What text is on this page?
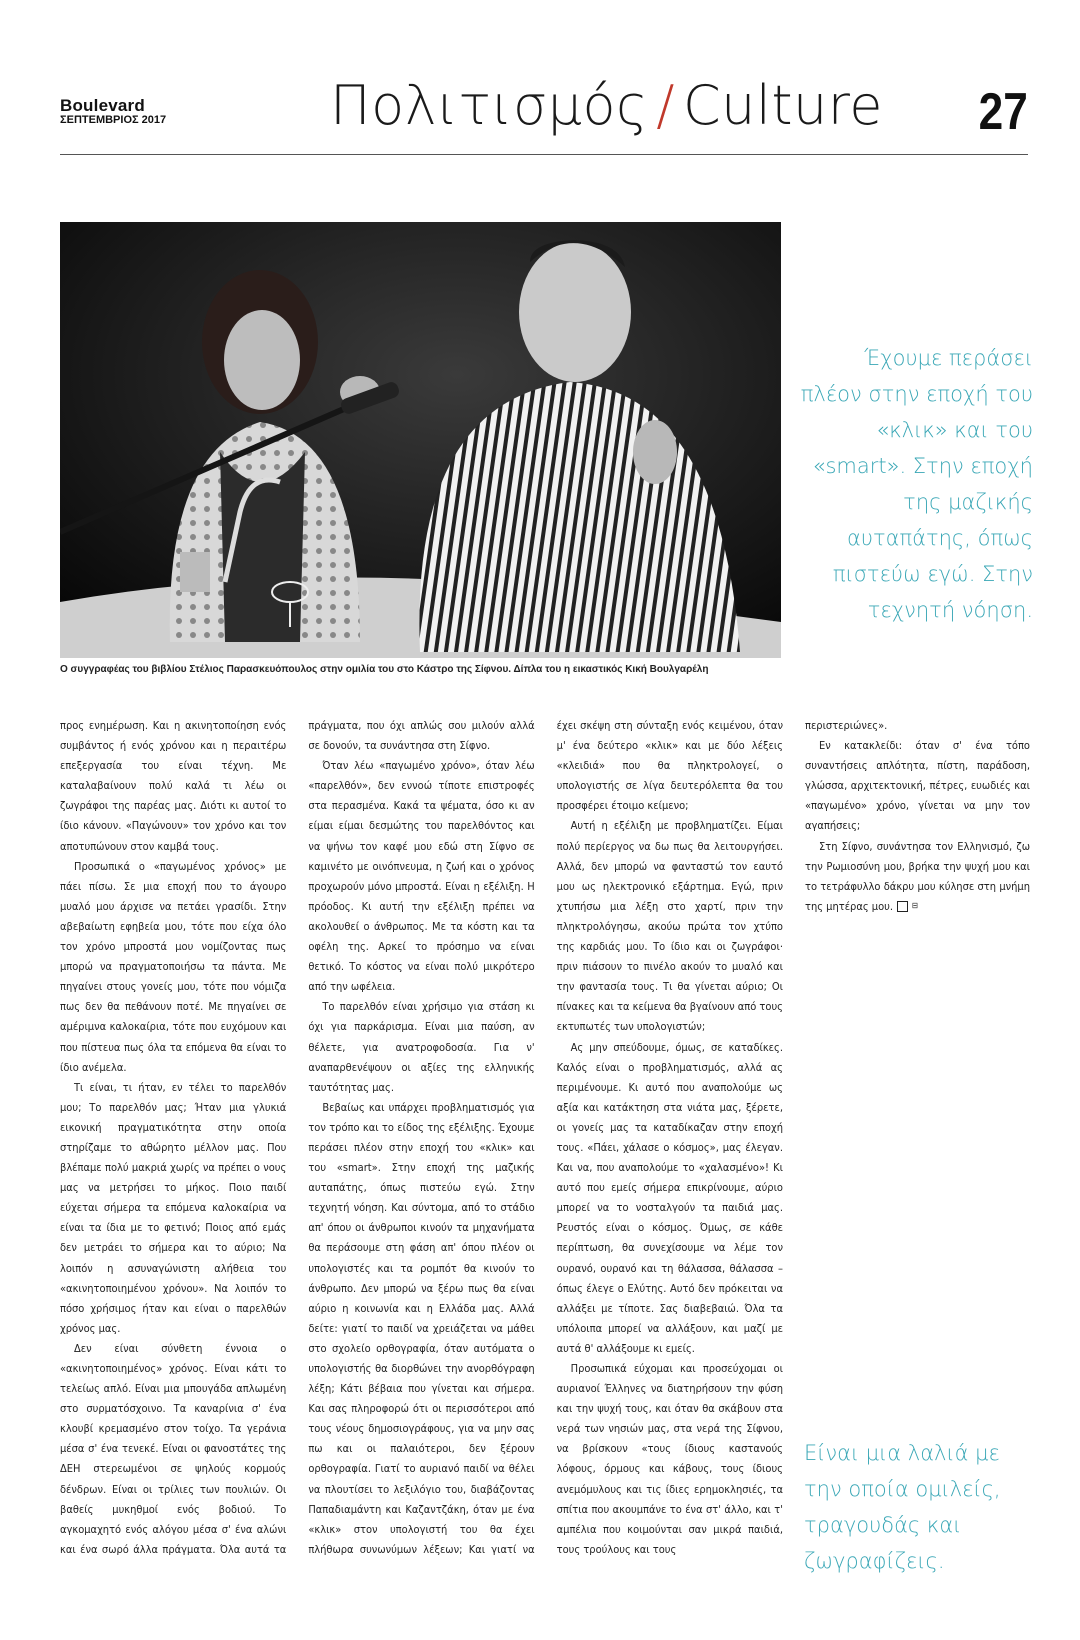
Boulevard
ΣΕΠΤΕΜΒΡΙΟΣ 2017	Πολιτισμός / Culture 27
Ο συγγραφέας του βιβλίου Στέλιος Παρασκευόπουλος στην ομιλία του στο Κάστρο της Σίφνου. Δίπλα του η εικαστικός Κική Βουλγαρέλη
Έχουμε περάσει πλέον στην εποχή του «κλικ» και του «smart». Στην εποχή της μαζικής αυταπάτης, όπως πιστεύω εγώ. Στην τεχνητή νόηση.
Είναι μια λαλιά με την οποία ομιλείς, τραγουδάς και ζωγραφίζεις.

προς ενημέρωση. Και η ακινητοποίηση ενός συμβάντος ή ενός χρόνου και η περαιτέρω επεξεργασία του είναι τέχνη. Με καταλαβαίνουν πολύ καλά τι λέω οι ζωγράφοι της παρέας μας. Διότι κι αυτοί το ίδιο κάνουν. «Παγώνουν» τον χρόνο και τον αποτυπώνουν στον καμβά τους.

Προσωπικά ο «παγωμένος χρόνος» με πάει πίσω. Σε μια εποχή που το άγουρο μυαλό μου άρχισε να πετάει γρασίδι. Στην αβεβαίωτη εφηβεία μου, τότε που είχα όλο τον χρόνο μπροστά μου νομίζοντας πως μπορώ να πραγματοποιήσω τα πάντα. Με πηγαίνει στους γονείς μου, τότε που νόμιζα πως δεν θα πεθάνουν ποτέ. Με πηγαίνει σε αμέριμνα καλοκαίρια, τότε που ευχόμουν και που πίστευα πως όλα τα επόμενα θα είναι το ίδιο ανέμελα.

Τι είναι, τι ήταν, εν τέλει το παρελθόν μου; Το παρελθόν μας; Ήταν μια γλυκιά εικονική πραγματικότητα στην οποία στηρίζαμε το αθώρητο μέλλον μας. Που βλέπαμε πολύ μακριά χωρίς να πρέπει ο νους μας να μετρήσει το μήκος. Ποιο παιδί εύχεται σήμερα τα επόμενα καλοκαίρια να είναι τα ίδια με το φετινό; Ποιος από εμάς δεν μετράει το σήμερα και το αύριο; Να λοιπόν η ασυναγώνιστη αλήθεια του «ακινητοποιημένου χρόνου». Να λοιπόν το πόσο χρήσιμος ήταν και είναι ο παρελθών χρόνος μας.

Δεν είναι σύνθετη έννοια ο «ακινητοποιημένος» χρόνος. Είναι κάτι το τελείως απλό. Είναι μια μπουγάδα απλωμένη στο συρματόσχοινο. Τα καναρίνια σ' ένα κλουβί κρεμασμένο στον τοίχο. Τα γεράνια μέσα σ' ένα τενεκέ. Είναι οι φανοστάτες της ΔΕΗ στερεωμένοι σε ψηλούς κορμούς δένδρων. Είναι οι τρίλιες των πουλιών. Οι βαθείς μυκηθμοί ενός βοδιού. Το αγκομαχητό ενός αλόγου μέσα σ' ένα αλώνι και ένα σωρό άλλα πράγματα. Όλα αυτά τα πράγματα, που όχι απλώς σου μιλούν αλλά σε δονούν, τα συνάντησα στη Σίφνο.

Όταν λέω «παγωμένο χρόνο», όταν λέω «παρελθόν», δεν εννοώ τίποτε επιστροφές στα περασμένα. Κακά τα ψέματα, όσο κι αν είμαι είμαι δεσμώτης του παρελθόντος και να ψήνω τον καφέ μου εδώ στη Σίφνο σε καμινέτο με οινόπνευμα, η ζωή και ο χρόνος προχωρούν μόνο μπροστά. Είναι η εξέλιξη. Η πρόοδος. Κι αυτή την εξέλιξη πρέπει να ακολουθεί ο άνθρωπος. Με τα κόστη και τα οφέλη της. Αρκεί το πρόσημο να είναι θετικό. Το κόστος να είναι πολύ μικρότερο από την ωφέλεια.

Το παρελθόν είναι χρήσιμο για στάση κι όχι για παρκάρισμα. Είναι μια παύση, αν θέλετε, για ανατροφοδοσία. Για ν' αναπαρθενέψουν οι αξίες της ελληνικής ταυτότητας μας.

Βεβαίως και υπάρχει προβληματισμός για τον τρόπο και το είδος της εξέλιξης. Έχουμε περάσει πλέον στην εποχή του «κλικ» και του «smart». Στην εποχή της μαζικής αυταπάτης, όπως πιστεύω εγώ. Στην τεχνητή νόηση. Και σύντομα, από το στάδιο απ' όπου οι άνθρωποι κινούν τα μηχανήματα θα περάσουμε στη φάση απ' όπου πλέον οι υπολογιστές και τα ρομπότ θα κινούν το άνθρωπο. Δεν μπορώ να ξέρω πως θα είναι αύριο η κοινωνία και η Ελλάδα μας. Αλλά δείτε: γιατί το παιδί να χρειάζεται να μάθει στο σχολείο ορθογραφία, όταν αυτόματα ο υπολογιστής θα διορθώνει την ανορθόγραφη λέξη; Κάτι βέβαια που γίνεται και σήμερα. Και σας πληροφορώ ότι οι περισσότεροι από τους νέους δημοσιογράφους, για να μην σας πω και οι παλαιότεροι, δεν ξέρουν ορθογραφία. Γιατί το αυριανό παιδί να θέλει να πλουτίσει το λεξιλόγιο του, διαβάζοντας Παπαδιαμάντη και Καζαντζάκη, όταν με ένα «κλικ» στον υπολογιστή του θα έχει πλήθωρα συνωνύμων λέξεων; Και γιατί να έχει σκέψη στη σύνταξη ενός κειμένου, όταν μ' ένα δεύτερο «κλικ» και με δύο λέξεις «κλειδιά» που θα πληκτρολογεί, ο υπολογιστής σε λίγα δευτερόλεπτα θα του προσφέρει έτοιμο κείμενο;

Αυτή η εξέλιξη με προβληματίζει. Είμαι πολύ περίεργος να δω πως θα λειτουργήσει. Αλλά, δεν μπορώ να φανταστώ τον εαυτό μου ως ηλεκτρονικό εξάρτημα. Εγώ, πριν χτυπήσω μια λέξη στο χαρτί, πριν την πληκτρολόγησω, ακούω πρώτα τον χτύπο της καρδιάς μου. Το ίδιο και οι ζωγράφοι· πριν πιάσουν το πινέλο ακούν το μυαλό και την φαντασία τους. Τι θα γίνεται αύριο; Οι πίνακες και τα κείμενα θα βγαίνουν από τους εκτυπωτές των υπολογιστών;

Ας μην σπεύδουμε, όμως, σε καταδίκες. Καλός είναι ο προβληματισμός, αλλά ας περιμένουμε. Κι αυτό που αναπολούμε ως αξία και κατάκτηση στα νιάτα μας, ξέρετε, οι γονείς μας τα καταδίκαζαν στην εποχή τους. «Πάει, χάλασε ο κόσμος», μας έλεγαν. Και να, που αναπολούμε το «χαλασμένο»! Κι αυτό που εμείς σήμερα επικρίνουμε, αύριο μπορεί να το νοσταλγούν τα παιδιά μας. Ρευστός είναι ο κόσμος. Όμως, σε κάθε περίπτωση, θα συνεχίσουμε να λέμε τον ουρανό, ουρανό και τη θάλασσα, θάλασσα –όπως έλεγε ο Ελύτης. Αυτό δεν πρόκειται να αλλάξει με τίποτε. Σας διαβεβαιώ. Όλα τα υπόλοιπα μπορεί να αλλάξουν, και μαζί με αυτά θ' αλλάξουμε κι εμείς.

Προσωπικά εύχομαι και προσεύχομαι οι αυριανοί Έλληνες να διατηρήσουν την φύση και την ψυχή τους, και όταν θα σκάβουν στα νερά των νησιών μας, στα νερά της Σίφνου, να βρίσκουν «τους ίδιους καστανούς λόφους, όρμους και κάβους, τους ίδιους ανεμόμυλους και τις ίδιες ερημοκλησιές, τα σπίτια που ακουμπάνε το ένα στ' άλλο, και τ' αμπέλια που κοιμούνται σαν μικρά παιδιά, τους τρούλους και τους

περιστεριώνες».

Εν κατακλείδι: όταν σ' ένα τόπο συναντήσεις απλότητα, πίστη, παράδοση, γλώσσα, αρχιτεκτονική, πέτρες, ευωδιές και «παγωμένο» χρόνο, γίνεται να μην τον αγαπήσεις;

Στη Σίφνο, συνάντησα τον Ελληνισμό, ζω την Ρωμιοσύνη μου, βρήκα την ψυχή μου και το τετράφυλλο δάκρυ μου κύλησε στη μνήμη της μητέρας μου. ⊟
